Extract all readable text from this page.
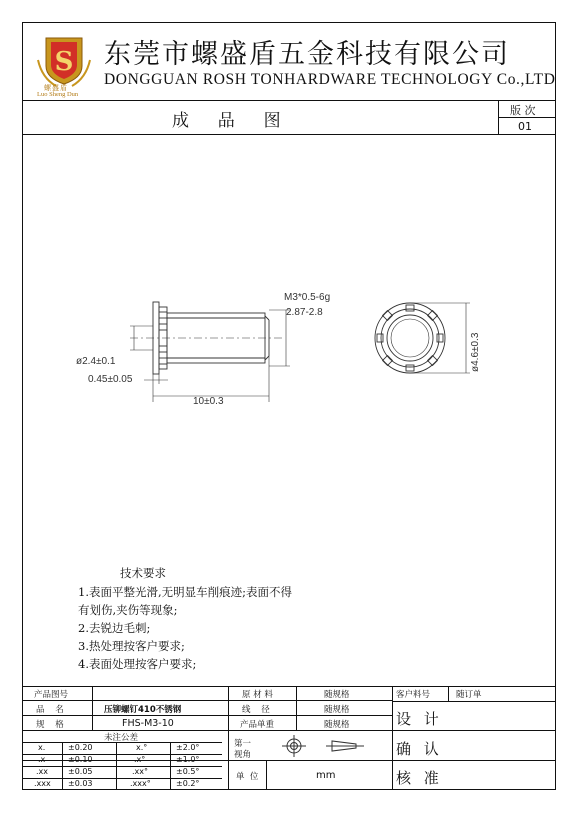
S
螺盛盾
Luo Sheng Dun
东莞市螺盛盾五金科技有限公司
DONGGUAN ROSH TONHARDWARE TECHNOLOGY Co.,LTD
成  品  图
版 次
01
M3*0.5-6g
2.87-2.8
ø2.4±0.1
0.45±0.05
10±0.3
ø4.6±0.3
技术要求
1.表面平整光滑,无明显车削痕迹;表面不得
有划伤,夹伤等现象;
2.去锐边毛刺;
3.热处理按客户要求;
4.表面处理按客户要求;
产品图号
品    名	压铆螺钉410不锈钢
规    格	FHS-M3-10
原 材 料	随规格
线    径	随规格
产品单重	随规格
客户料号	随订单
设 计
确 认
核 准
未注公差
x.	±0.20	x.°	±2.0°
.x	±0.10	.x°	±1.0°
.xx ±0.05	.xx°	±0.5°
.xxx ±0.03	.xxx°	±0.2°
第一
视角
单  位	mm
